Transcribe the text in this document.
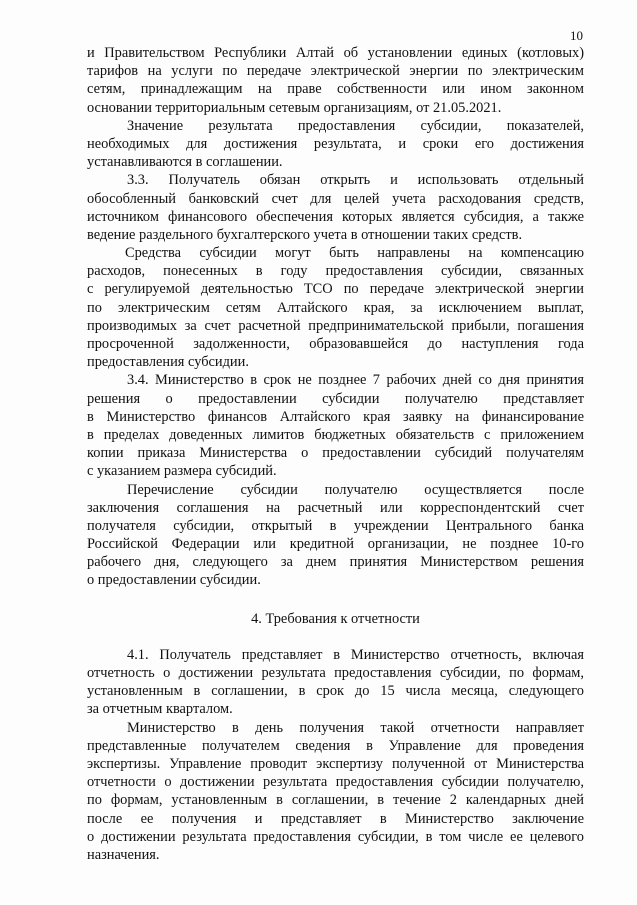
10
и Правительством Республики Алтай об установлении единых (котловых)
тарифов на услуги по передаче электрической энергии по электрическим
сетям, принадлежащим на праве собственности или ином законном
основании территориальным сетевым организациям, от 21.05.2021.
Значение результата предоставления субсидии, показателей,
необходимых для достижения результата, и сроки его достижения
устанавливаются в соглашении.
3.3. Получатель обязан открыть и использовать отдельный
обособленный банковский счет для целей учета расходования средств,
источником финансового обеспечения которых является субсидия, а также
ведение раздельного бухгалтерского учета в отношении таких средств.
Средства субсидии могут быть направлены на компенсацию
расходов, понесенных в году предоставления субсидии, связанных
с регулируемой деятельностью ТСО по передаче электрической энергии
по электрическим сетям Алтайского края, за исключением выплат,
производимых за счет расчетной предпринимательской прибыли, погашения
просроченной задолженности, образовавшейся до наступления года
предоставления субсидии.
3.4. Министерство в срок не позднее 7 рабочих дней со дня принятия
решения о предоставлении субсидии получателю представляет
в Министерство финансов Алтайского края заявку на финансирование
в пределах доведенных лимитов бюджетных обязательств с приложением
копии приказа Министерства о предоставлении субсидий получателям
с указанием размера субсидий.
Перечисление субсидии получателю осуществляется после
заключения соглашения на расчетный или корреспондентский счет
получателя субсидии, открытый в учреждении Центрального банка
Российской Федерации или кредитной организации, не позднее 10-го
рабочего дня, следующего за днем принятия Министерством решения
о предоставлении субсидии.
4. Требования к отчетности
4.1. Получатель представляет в Министерство отчетность, включая
отчетность о достижении результата предоставления субсидии, по формам,
установленным в соглашении, в срок до 15 числа месяца, следующего
за отчетным кварталом.
Министерство в день получения такой отчетности направляет
представленные получателем сведения в Управление для проведения
экспертизы. Управление проводит экспертизу полученной от Министерства
отчетности о достижении результата предоставления субсидии получателю,
по формам, установленным в соглашении, в течение 2 календарных дней
после ее получения и представляет в Министерство заключение
о достижении результата предоставления субсидии, в том числе ее целевого
назначения.
